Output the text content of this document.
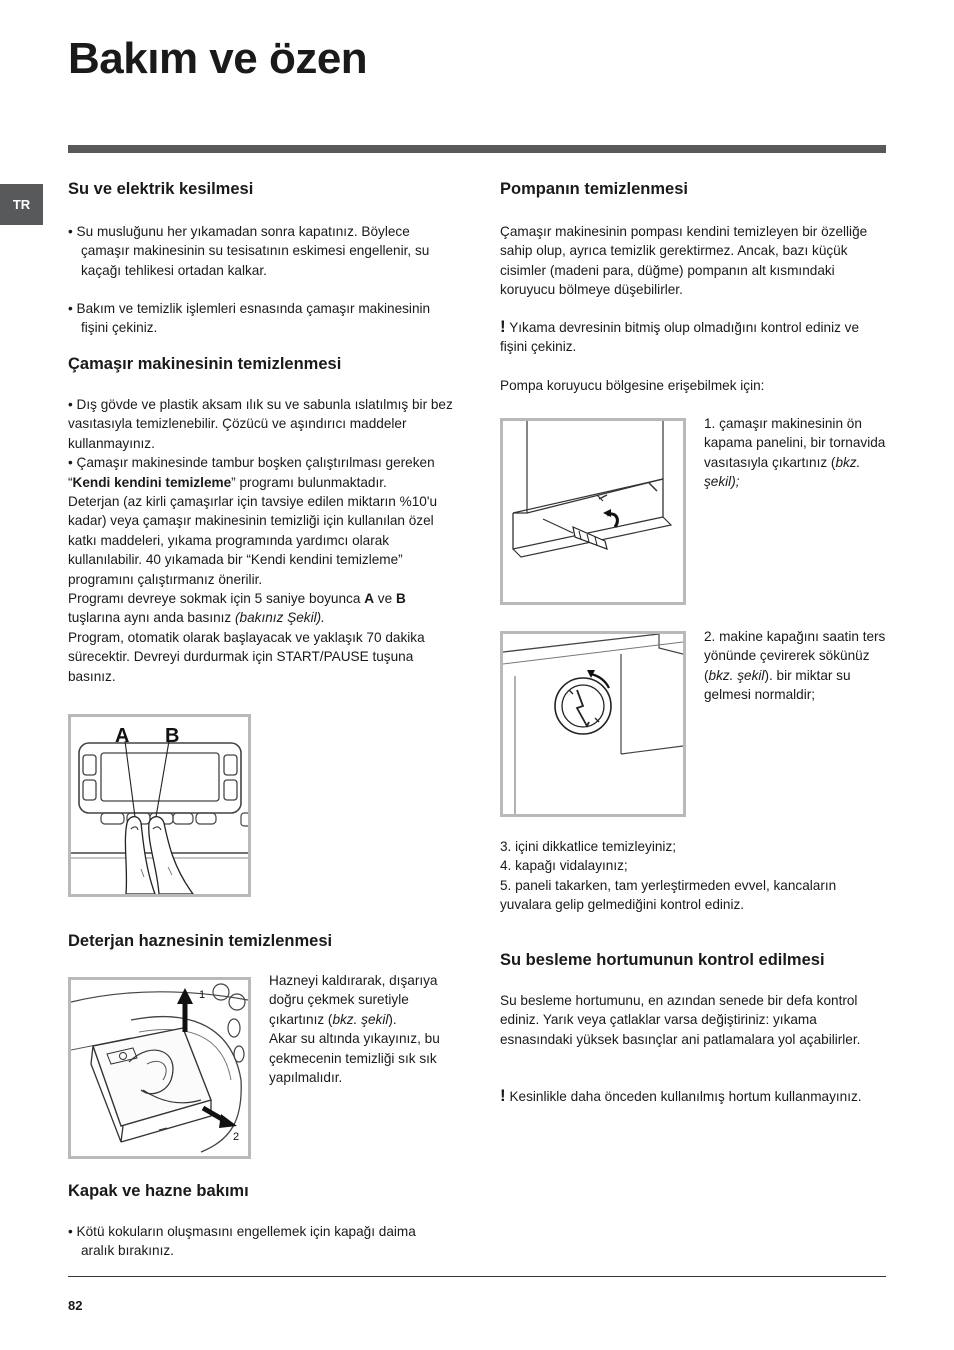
Bakım ve özen
TR
Su ve elektrik kesilmesi
• Su musluğunu her yıkamadan sonra kapatınız. Böylece çamaşır makinesinin su tesisatının eskimesi engellenir, su kaçağı tehlikesi ortadan kalkar.
• Bakım ve temizlik işlemleri esnasında çamaşır makinesinin fişini çekiniz.
Çamaşır makinesinin temizlenmesi
• Dış gövde ve plastik aksam ılık su ve sabunla ıslatılmış bir bez vasıtasıyla temizlenebilir. Çözücü ve aşındırıcı maddeler kullanmayınız.
• Çamaşır makinesinde tambur boşken çalıştırılması gereken “Kendi kendini temizleme” programı bulunmaktadır.
Deterjan (az kirli çamaşırlar için tavsiye edilen miktarın %10'u kadar) veya çamaşır makinesinin temizliği için kullanılan özel katkı maddeleri, yıkama programında yardımcı olarak kullanılabilir. 40 yıkamada bir “Kendi kendini temizleme” programını çalıştırmanız önerilir.
Programı devreye sokmak için 5 saniye boyunca A ve B tuşlarına aynı anda basınız (bakınız Şekil).
Program, otomatik olarak başlayacak ve yaklaşık 70 dakika sürecektir. Devreyi durdurmak için START/PAUSE tuşuna basınız.
A B
Deterjan haznesinin temizlenmesi
1
2
Hazneyi kaldırarak, dışarıya doğru çekmek suretiyle çıkartınız (bkz. şekil).
Akar su altında yıkayınız, bu çekmecenin temizliği sık sık yapılmalıdır.
Kapak ve hazne bakımı
• Kötü kokuların oluşmasını engellemek için kapağı daima aralık bırakınız.
Pompanın temizlenmesi
Çamaşır makinesinin pompası kendini temizleyen bir özelliğe sahip olup, ayrıca temizlik gerektirmez. Ancak, bazı küçük cisimler (madeni para, düğme) pompanın alt kısmındaki koruyucu bölmeye düşebilirler.
! Yıkama devresinin bitmiş olup olmadığını kontrol ediniz ve fişini çekiniz.
Pompa koruyucu bölgesine erişebilmek için:
1. çamaşır makinesinin ön kapama panelini, bir tornavida vasıtasıyla çıkartınız (bkz. şekil);
2. makine kapağını saatin ters yönünde çevirerek sökünüz (bkz. şekil). bir miktar su gelmesi normaldir;
3. içini dikkatlice temizleyiniz;
4. kapağı vidalayınız;
5. paneli takarken, tam yerleştirmeden evvel, kancaların yuvalara gelip gelmediğini kontrol ediniz.
Su besleme hortumunun kontrol edilmesi
Su besleme hortumunu, en azından senede bir defa kontrol ediniz. Yarık veya çatlaklar varsa değiştiriniz: yıkama esnasındaki yüksek basınçlar ani patlamalara yol açabilirler.
! Kesinlikle daha önceden kullanılmış hortum kullanmayınız.
82
